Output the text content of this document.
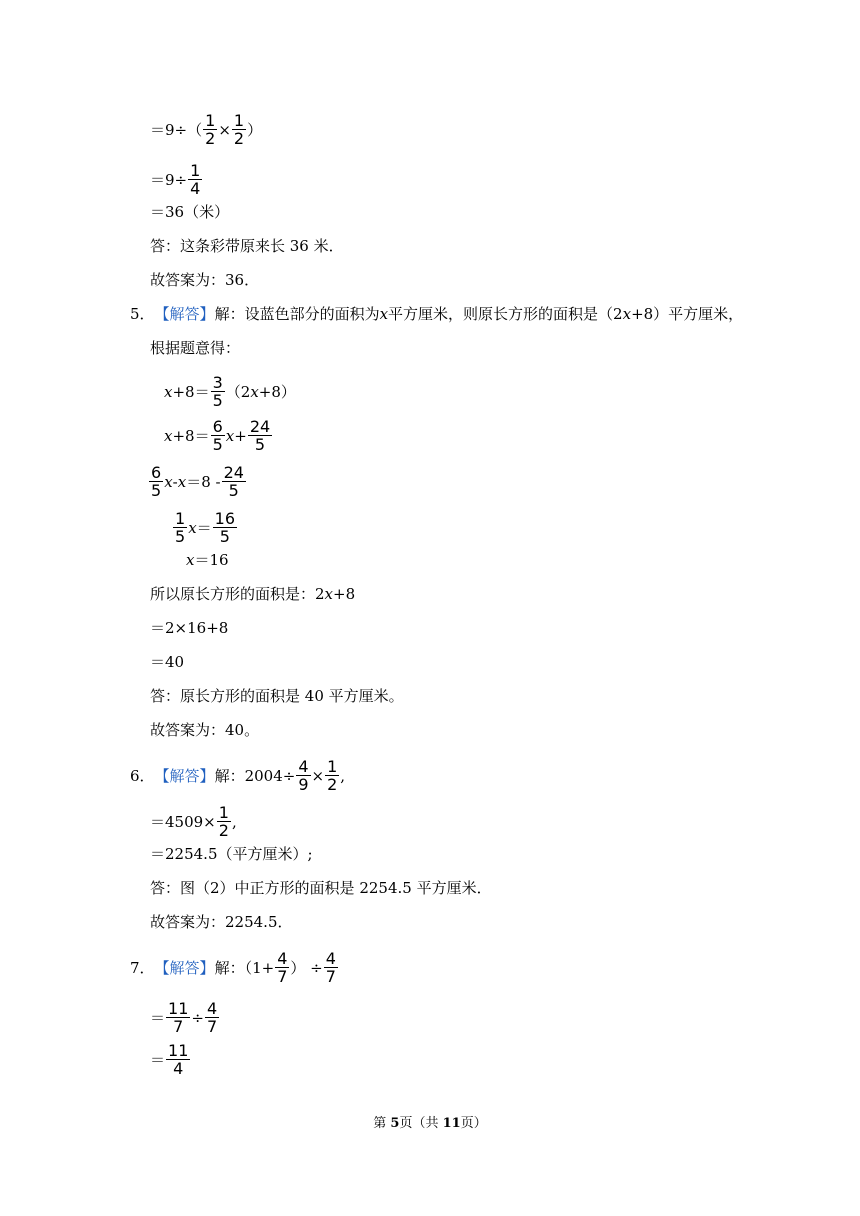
$=9\div( \frac{1}{2} \times \frac{1}{2}$ ）
$=9\div \frac{1}{4}$
＝36（米）
答：这条彩带原来长 36 米．
故答案为：36．
5． 【解答】 解：设蓝色部分的面积为 x 平方厘米，则原长方形的面积是（2 x +8）平方厘米，
根据题意得：
$x +8= \frac{3}{5} (2$ x +8）
$x +8= \frac{6}{5}$ $x + \frac{24}{5}$
$\frac{6}{5}$ $x - x =8 - \frac{24}{5}$
$\frac{1}{5}$ $x = \frac{16}{5}$
x ＝16
所以原长方形的面积是：2 x +8
＝2×16+8
＝40
答：原长方形的面积是 40 平方厘米。
故答案为：40。
6． 【解答】 解：$2004\div \frac{4}{9} \times \frac{1}{2}$ ,
$=4509\times \frac{1}{2}$ ,
＝2254.5（平方厘米）;
答：图（2）中正方形的面积是 2254.5 平方厘米．
故答案为：2254.5．
7． 【解答】 解：（$1+ \frac{4}{7}$ ） ÷ $\frac{4}{7}$
＝ $\frac{11}{7} \div \frac{4}{7}$
＝ $\frac{11}{4}$
第 5页（共 11页）
